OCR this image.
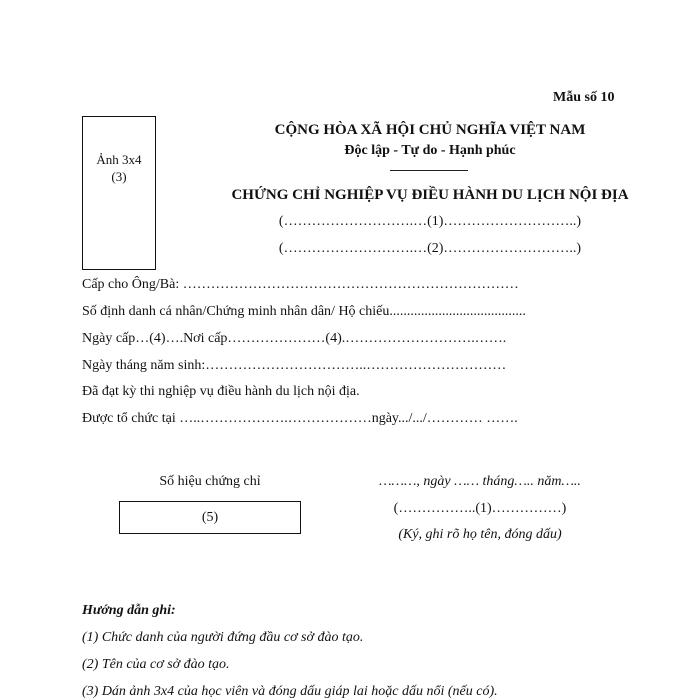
Mẫu số 10
Ảnh 3x4
(3)
CỘNG HÒA XÃ HỘI CHỦ NGHĨA VIỆT NAM
Độc lập - Tự do - Hạnh phúc
CHỨNG CHỈ NGHIỆP VỤ ĐIỀU HÀNH DU LỊCH NỘI ĐỊA
(……………………….…(1)………………………..)
(……………………….…(2)………………………..)
Cấp cho Ông/Bà: ………………………………………………………………
Số định danh cá nhân/Chứng minh nhân dân/ Hộ chiếu.......................................
Ngày cấp…(4)….Nơi cấp…………………(4).……………………….…….
Ngày tháng năm sinh:……………………………..…………………………
Đã đạt kỳ thi nghiệp vụ điều hành du lịch nội địa.
Được tổ chức tại …..……………….………………ngày.../.../………… …….
Số hiệu chứng chỉ
(5)
………, ngày …… tháng….. năm…..
(……………..(1)……………)
(Ký, ghi rõ họ tên, đóng dấu)
Hướng dẫn ghi:
(1) Chức danh của người đứng đầu cơ sở đào tạo.
(2) Tên của cơ sở đào tạo.
(3) Dán ảnh 3x4 của học viên và đóng dấu giáp lai hoặc dấu nổi (nếu có).
